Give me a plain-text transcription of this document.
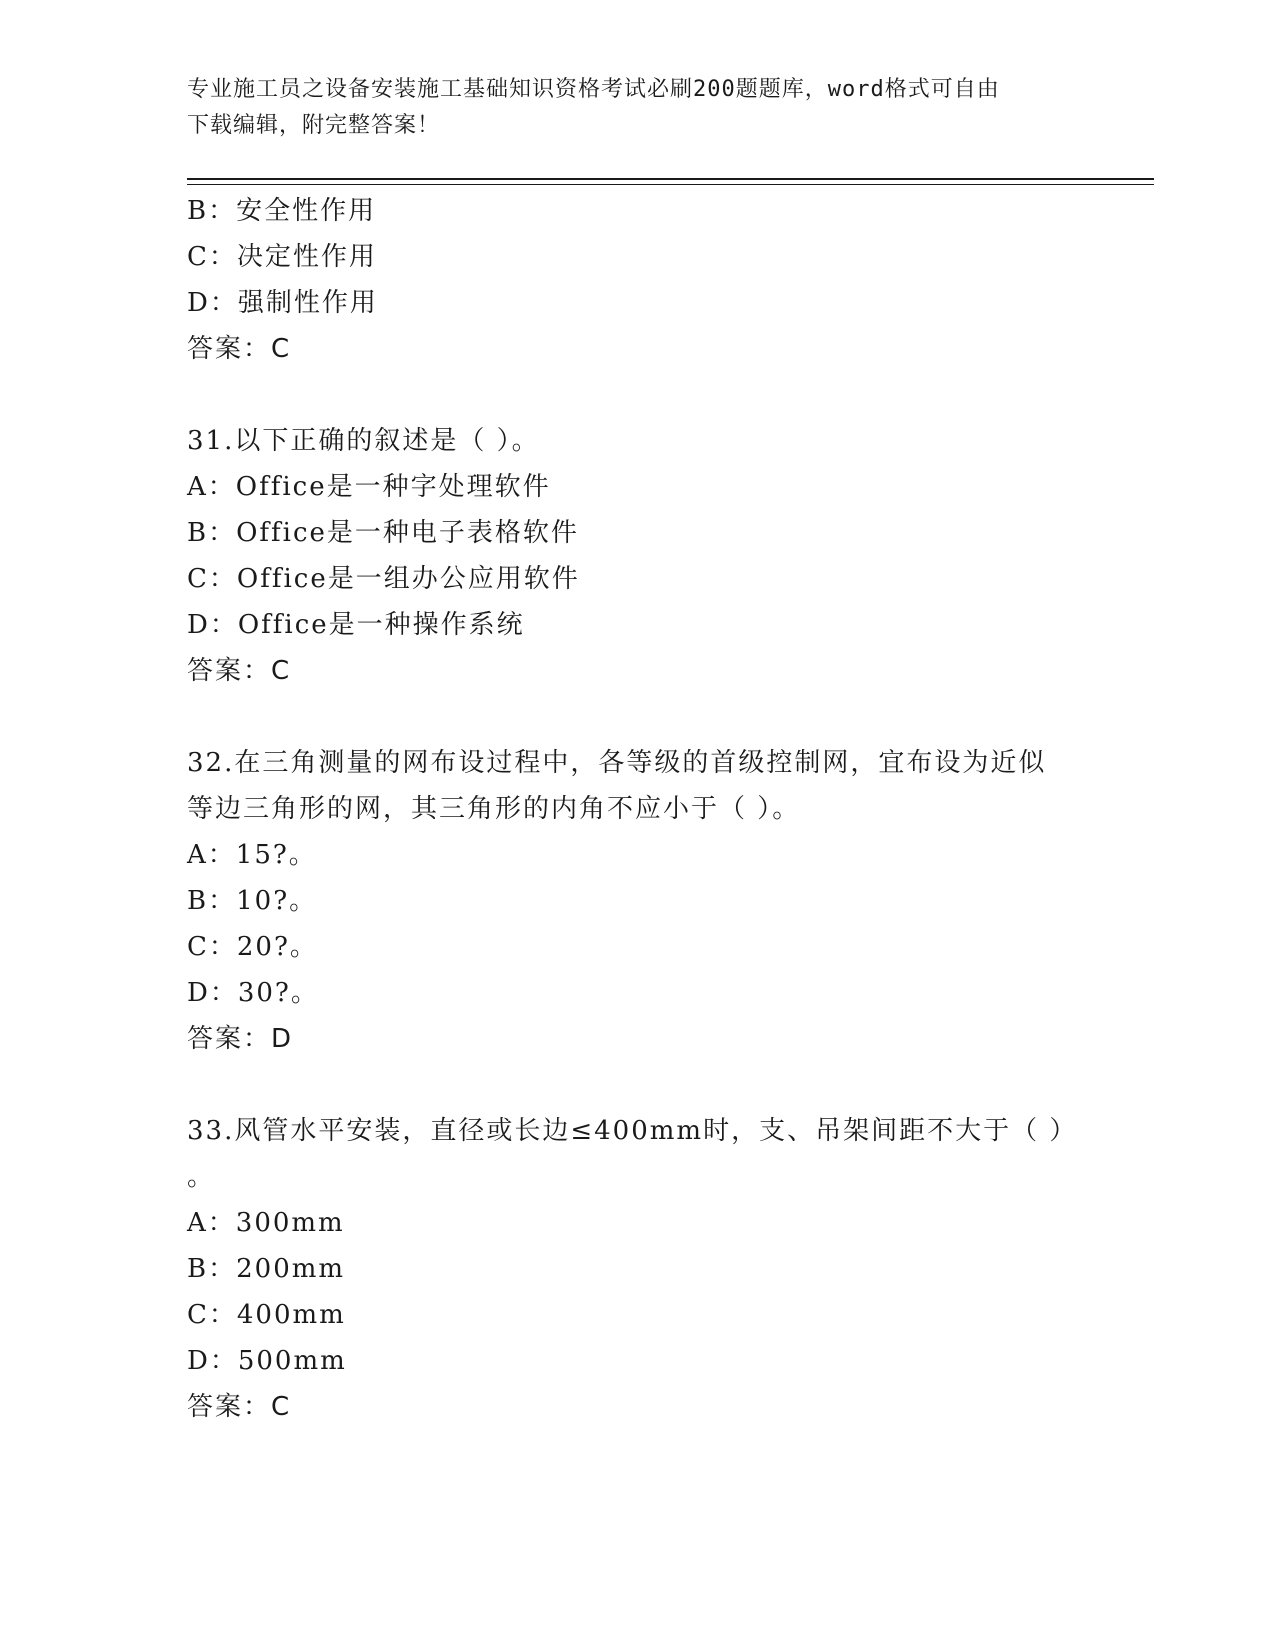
专业施工员之设备安装施工基础知识资格考试必刷200题题库，word格式可自由
下载编辑，附完整答案！
B：安全性作用
C：决定性作用
D：强制性作用
答案：C
31.以下正确的叙述是（ ）。
A：Office是一种字处理软件
B：Office是一种电子表格软件
C：Office是一组办公应用软件
D：Office是一种操作系统
答案：C
32.在三角测量的网布设过程中，各等级的首级控制网，宜布设为近似
等边三角形的网，其三角形的内角不应小于（ ）。
A：15?。
B：10?。
C：20?。
D：30?。
答案：D
33.风管水平安装，直径或长边≤400mm时，支、吊架间距不大于（ ）
。
A：300mm
B：200mm
C：400mm
D：500mm
答案：C
